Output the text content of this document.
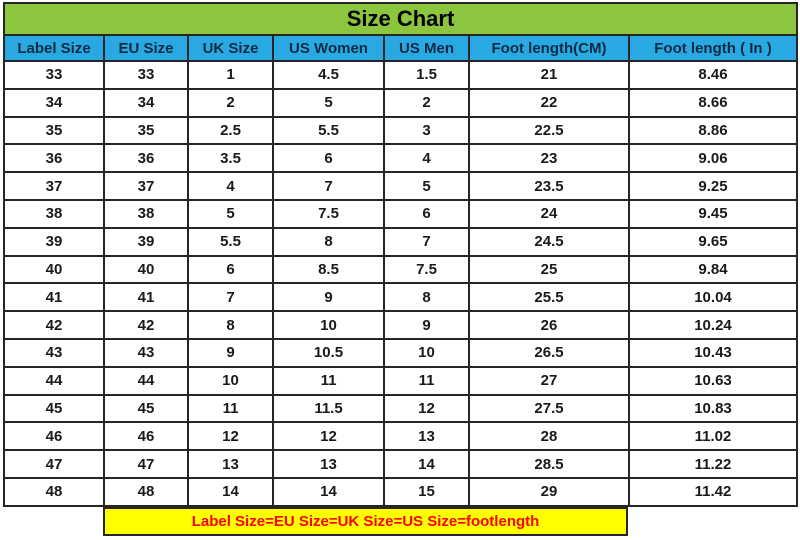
Size Chart						
Label Size	EU Size	UK Size	US Women	US Men	Foot length(CM)	Foot length ( In )
33	33	1	4.5	1.5	21	8.46
34	34	2	5	2	22	8.66
35	35	2.5	5.5	3	22.5	8.86
36	36	3.5	6	4	23	9.06
37	37	4	7	5	23.5	9.25
38	38	5	7.5	6	24	9.45
39	39	5.5	8	7	24.5	9.65
40	40	6	8.5	7.5	25	9.84
41	41	7	9	8	25.5	10.04
42	42	8	10	9	26	10.24
43	43	9	10.5	10	26.5	10.43
44	44	10	11	11	27	10.63
45	45	11	11.5	12	27.5	10.83
46	46	12	12	13	28	11.02
47	47	13	13	14	28.5	11.22
48	48	14	14	15	29	11.42
Label Size=EU Size=UK Size=US Size=footlength
